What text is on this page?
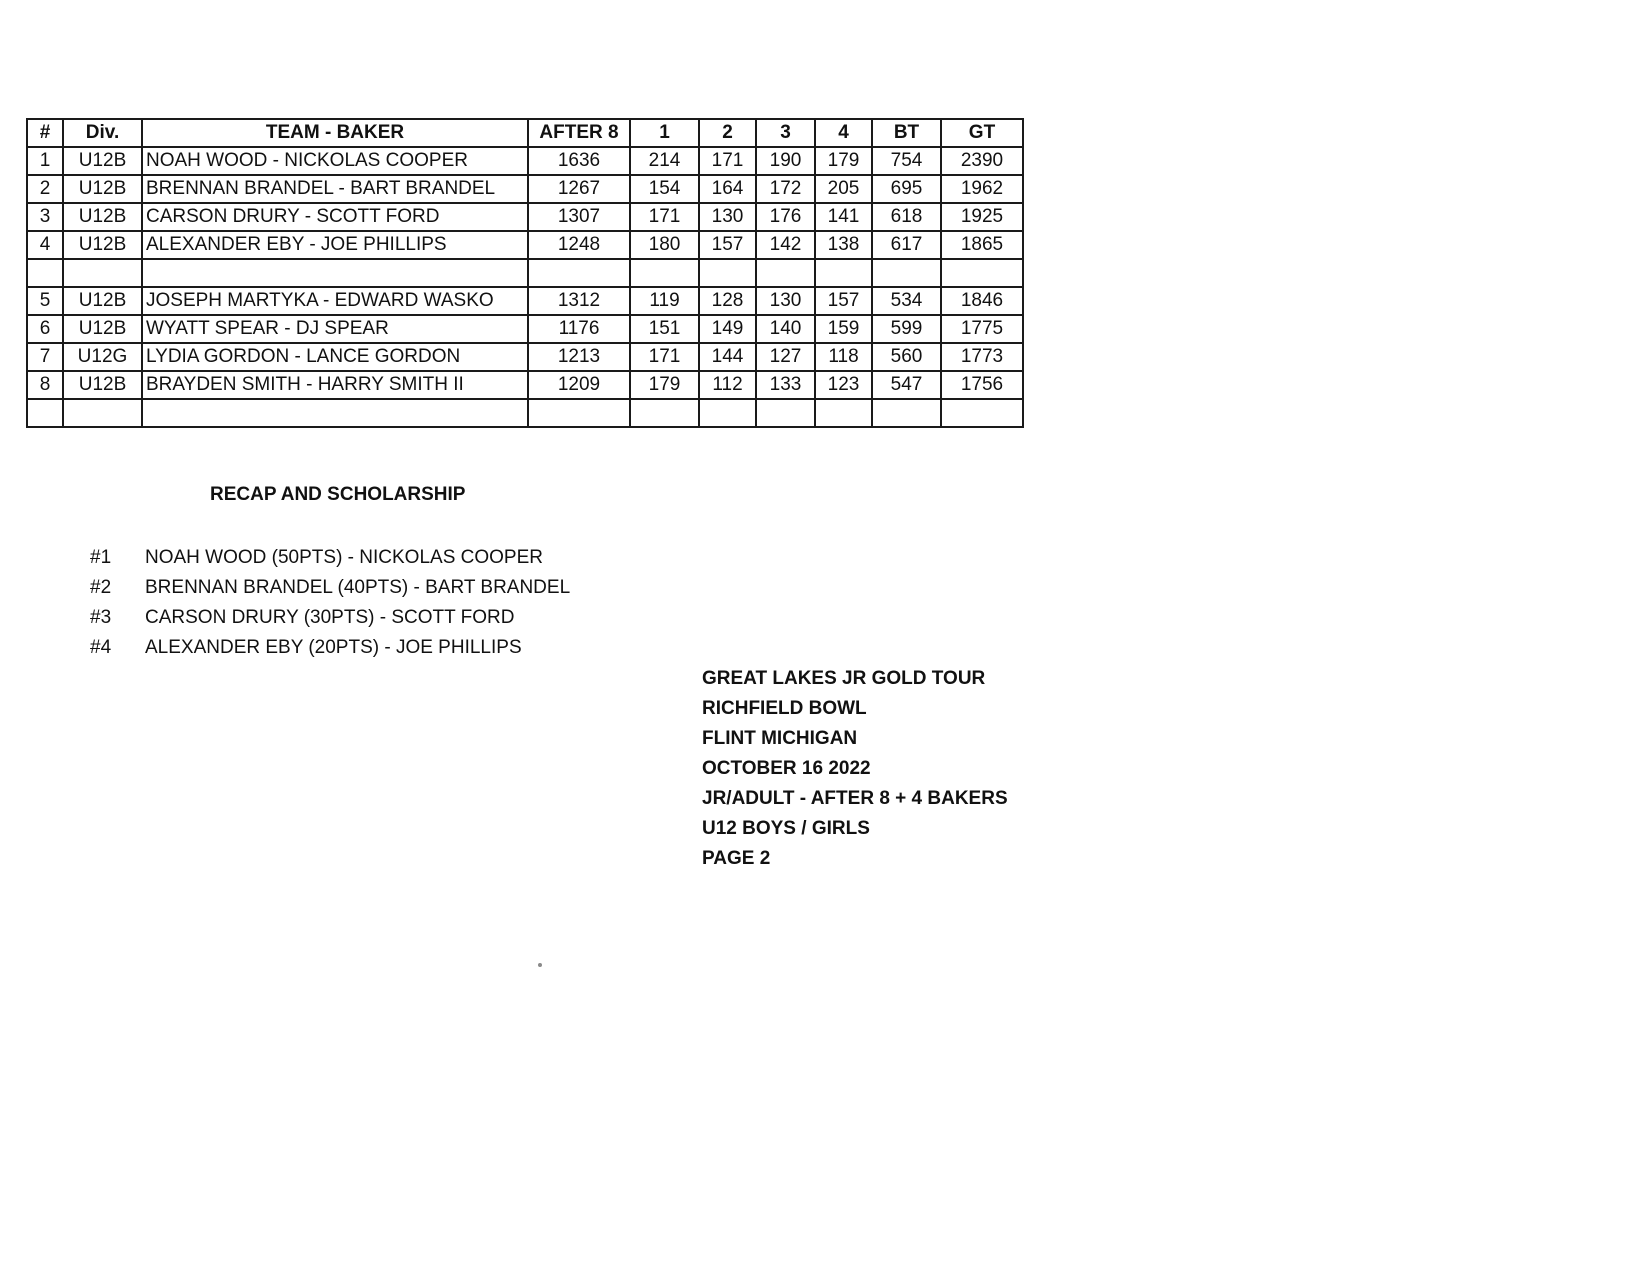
#	Div.	TEAM - BAKER	AFTER 8	1	2	3	4	BT	GT
1	U12B	NOAH WOOD - NICKOLAS COOPER	1636	214	171	190	179	754	2390
2	U12B	BRENNAN BRANDEL - BART BRANDEL	1267	154	164	172	205	695	1962
3	U12B	CARSON DRURY - SCOTT FORD	1307	171	130	176	141	618	1925
4	U12B	ALEXANDER EBY - JOE PHILLIPS	1248	180	157	142	138	617	1865

5	U12B	JOSEPH MARTYKA - EDWARD WASKO	1312	119	128	130	157	534	1846
6	U12B	WYATT SPEAR - DJ SPEAR	1176	151	149	140	159	599	1775
7	U12G	LYDIA GORDON - LANCE GORDON	1213	171	144	127	118	560	1773
8	U12B	BRAYDEN SMITH - HARRY SMITH II	1209	179	112	133	123	547	1756

RECAP AND SCHOLARSHIP
#1 NOAH WOOD (50PTS) - NICKOLAS COOPER
#2 BRENNAN BRANDEL (40PTS) - BART BRANDEL
#3 CARSON DRURY (30PTS) - SCOTT FORD
#4 ALEXANDER EBY (20PTS) - JOE PHILLIPS
GREAT LAKES JR GOLD TOUR
RICHFIELD BOWL
FLINT MICHIGAN
OCTOBER 16 2022
JR/ADULT - AFTER 8 + 4 BAKERS
U12 BOYS / GIRLS
PAGE 2
